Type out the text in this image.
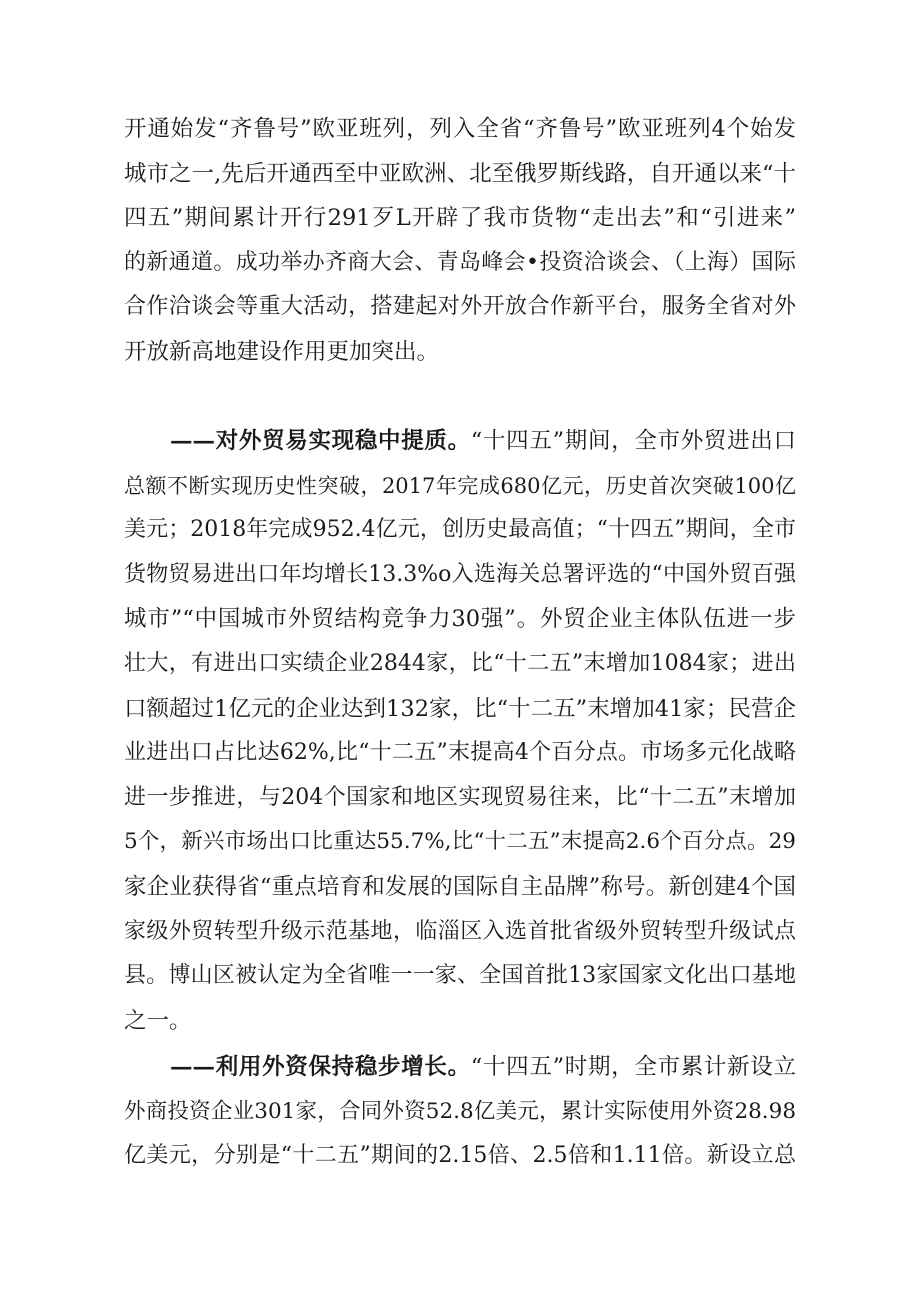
开通始发“齐鲁号”欧亚班列，列入全省“齐鲁号”欧亚班列4个始发
城市之一,先后开通西至中亚欧洲、北至俄罗斯线路，自开通以来“十
四五”期间累计开行291歹L开辟了我市货物“走出去”和“引进来”
的新通道。成功举办齐商大会、青岛峰会•投资洽谈会、（上海）国际
合作洽谈会等重大活动，搭建起对外开放合作新平台，服务全省对外
开放新高地建设作用更加突出。
——对外贸易实现稳中提质。“十四五”期间，全市外贸进出口
总额不断实现历史性突破，2017年完成680亿元，历史首次突破100亿
美元；2018年完成952.4亿元，创历史最高值；“十四五”期间，全市
货物贸易进出口年均增长13.3%o入选海关总署评选的“中国外贸百强
城市”“中国城市外贸结构竞争力30强”。外贸企业主体队伍进一步
壮大，有进出口实绩企业2844家，比“十二五”末增加1084家；进出
口额超过1亿元的企业达到132家，比“十二五”末增加41家；民营企
业进出口占比达62%,比“十二五”末提高4个百分点。市场多元化战略
进一步推进，与204个国家和地区实现贸易往来，比“十二五”末增加
5个，新兴市场出口比重达55.7%,比“十二五”末提高2.6个百分点。29
家企业获得省“重点培育和发展的国际自主品牌”称号。新创建4个国
家级外贸转型升级示范基地，临淄区入选首批省级外贸转型升级试点
县。博山区被认定为全省唯一一家、全国首批13家国家文化出口基地
之一。
——利用外资保持稳步增长。“十四五”时期，全市累计新设立
外商投资企业301家，合同外资52.8亿美元，累计实际使用外资28.98
亿美元，分别是“十二五”期间的2.15倍、2.5倍和1.11倍。新设立总
